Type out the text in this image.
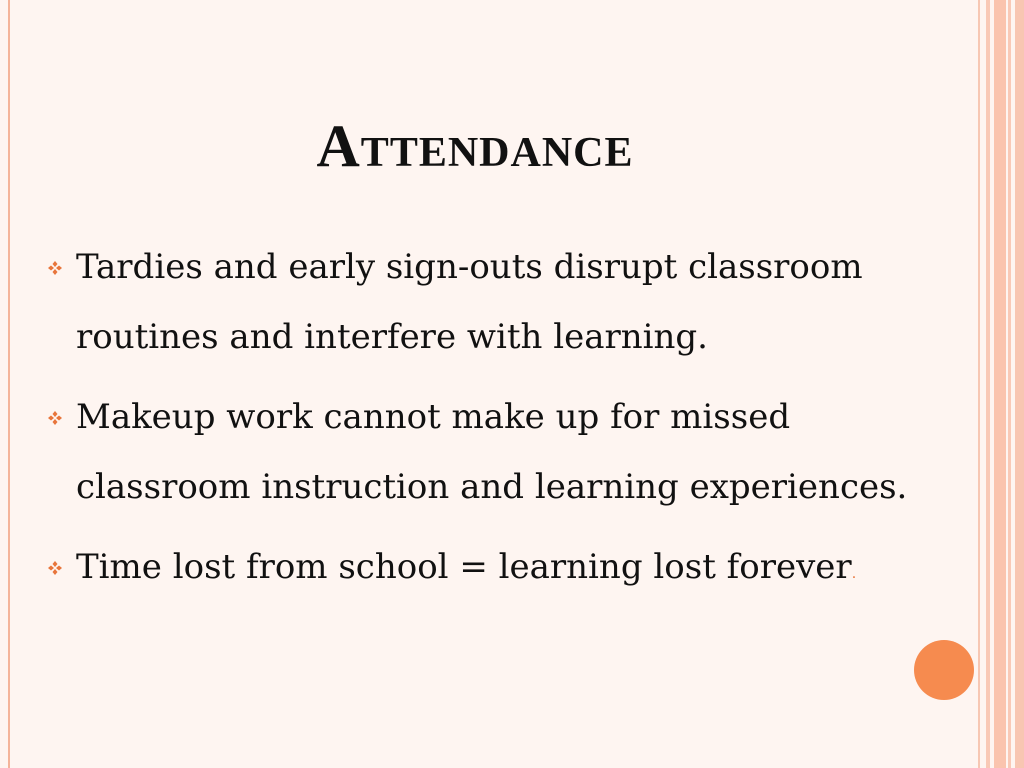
Attendance
Tardies and early sign-outs disrupt classroom routines and interfere with learning.
Makeup work cannot make up for missed classroom instruction and learning experiences.
Time lost from school = learning lost forever.
